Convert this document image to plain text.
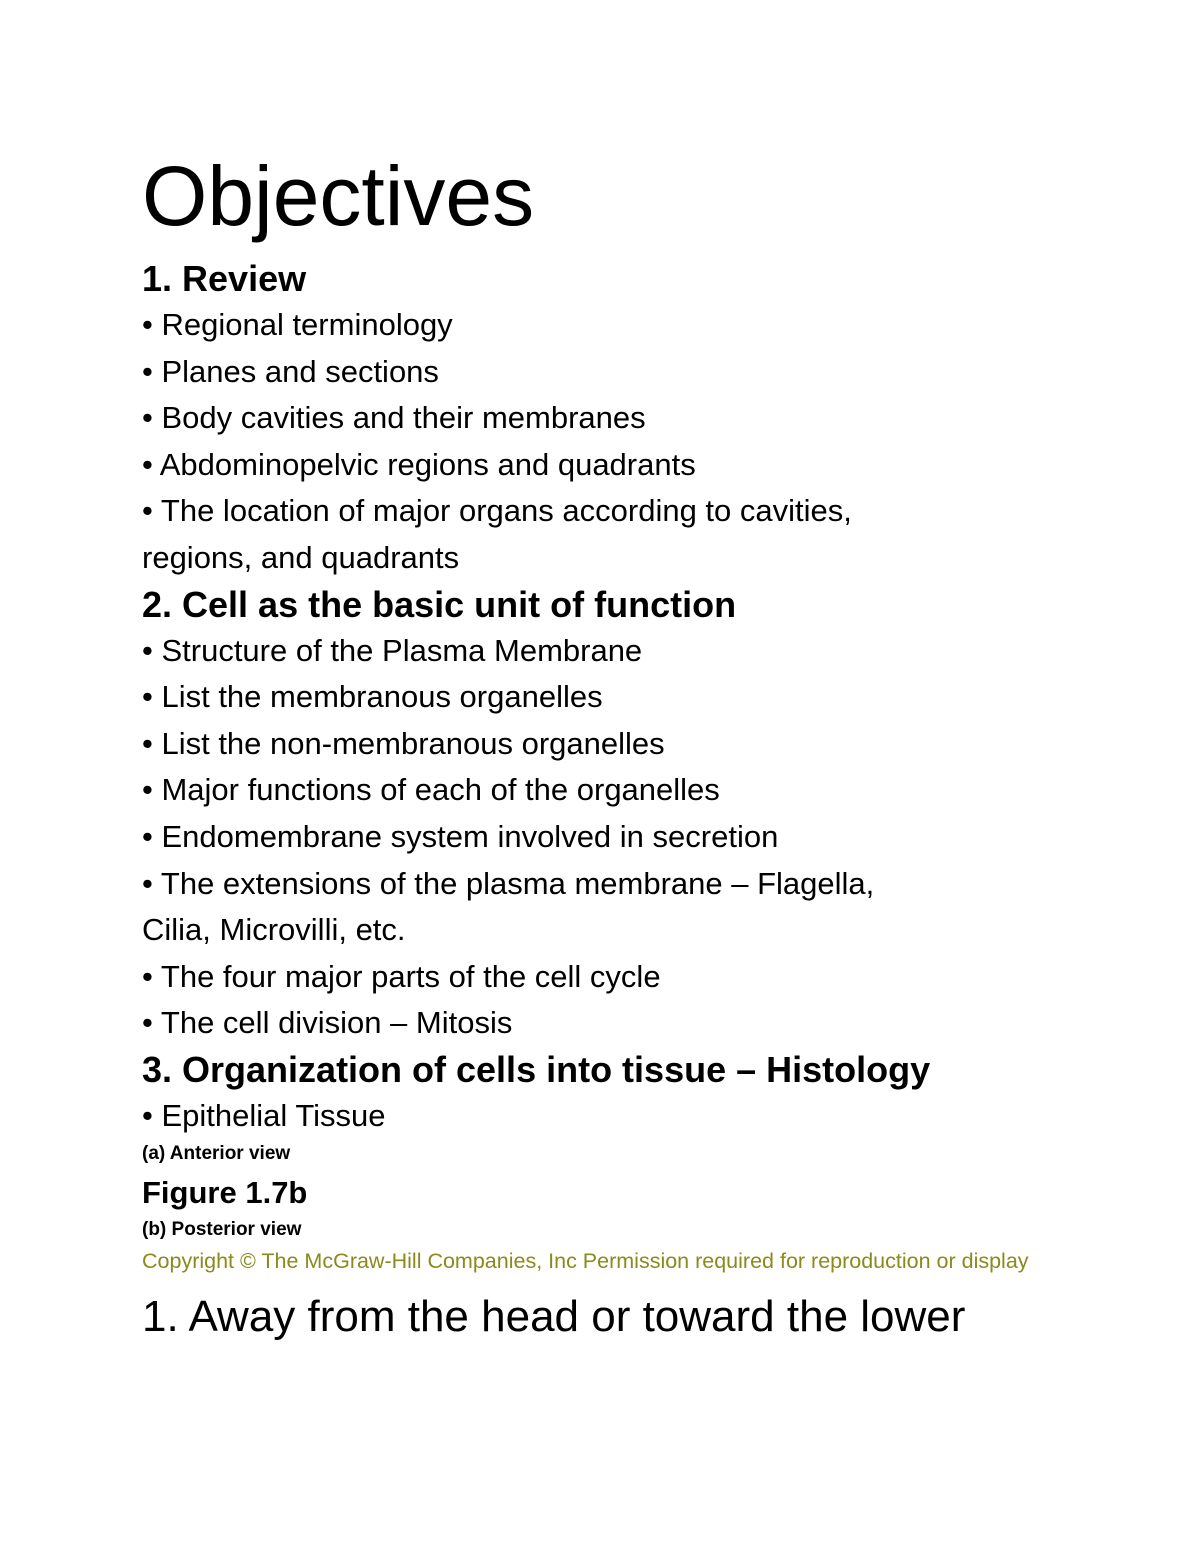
Objectives
1. Review
• Regional terminology
• Planes and sections
• Body cavities and their membranes
• Abdominopelvic regions and quadrants
• The location of major organs according to cavities,
regions, and quadrants
2. Cell as the basic unit of function
• Structure of the Plasma Membrane
• List the membranous organelles
• List the non-membranous organelles
• Major functions of each of the organelles
• Endomembrane system involved in secretion
• The extensions of the plasma membrane – Flagella,
Cilia, Microvilli, etc.
• The four major parts of the cell cycle
• The cell division – Mitosis
3. Organization of cells into tissue – Histology
• Epithelial Tissue
(a) Anterior view
Figure 1.7b
(b) Posterior view
Copyright © The McGraw-Hill Companies, Inc Permission required for reproduction or display
1. Away from the head or toward the lower
